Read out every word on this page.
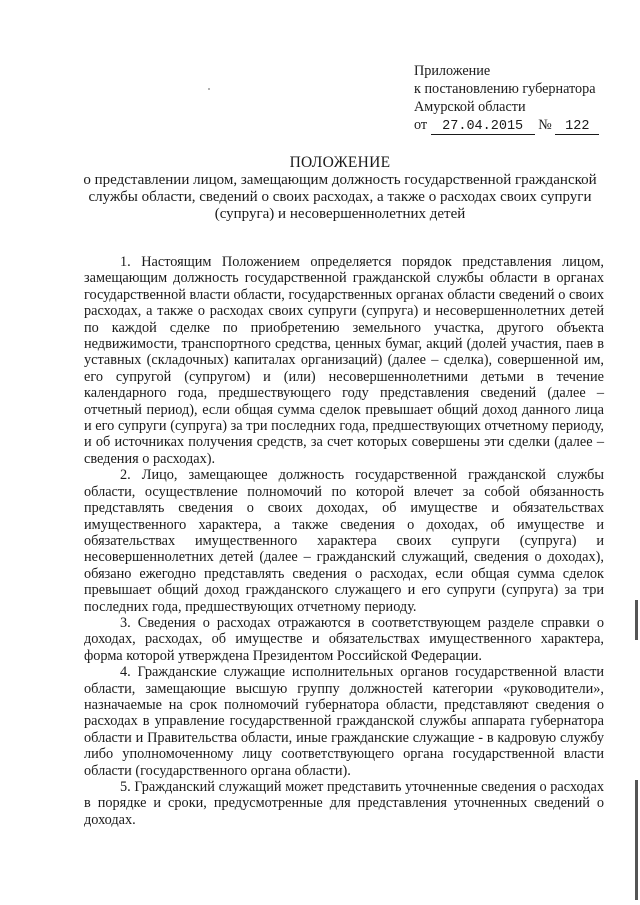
Приложение
к постановлению губернатора
Амурской области
от 27.04.2015 № 122
ПОЛОЖЕНИЕ
о представлении лицом, замещающим должность государственной гражданской службы области, сведений о своих расходах, а также о расходах своих супруги (супруга) и несовершеннолетних детей

1. Настоящим Положением определяется порядок представления лицом, замещающим должность государственной гражданской службы области в органах государственной власти области, государственных органах области сведений о своих расходах, а также о расходах своих супруги (супруга) и несовершеннолетних детей по каждой сделке по приобретению земельного участка, другого объекта недвижимости, транспортного средства, ценных бумаг, акций (долей участия, паев в уставных (складочных) капиталах организаций) (далее – сделка), совершенной им, его супругой (супругом) и (или) несовершеннолетними детьми в течение календарного года, предшествующего году представления сведений (далее – отчетный период), если общая сумма сделок превышает общий доход данного лица и его супруги (супруга) за три последних года, предшествующих отчетному периоду, и об источниках получения средств, за счет которых совершены эти сделки (далее – сведения о расходах).

2. Лицо, замещающее должность государственной гражданской службы области, осуществление полномочий по которой влечет за собой обязанность представлять сведения о своих доходах, об имуществе и обязательствах имущественного характера, а также сведения о доходах, об имуществе и обязательствах имущественного характера своих супруги (супруга) и несовершеннолетних детей (далее – гражданский служащий, сведения о доходах), обязано ежегодно представлять сведения о расходах, если общая сумма сделок превышает общий доход гражданского служащего и его супруги (супруга) за три последних года, предшествующих отчетному периоду.

3. Сведения о расходах отражаются в соответствующем разделе справки о доходах, расходах, об имуществе и обязательствах имущественного характера, форма которой утверждена Президентом Российской Федерации.

4. Гражданские служащие исполнительных органов государственной власти области, замещающие высшую группу должностей категории «руководители», назначаемые на срок полномочий губернатора области, представляют сведения о расходах в управление государственной гражданской службы аппарата губернатора области и Правительства области, иные гражданские служащие - в кадровую службу либо уполномоченному лицу соответствующего органа государственной власти области (государственного органа области).

5. Гражданский служащий может представить уточненные сведения о расходах в порядке и сроки, предусмотренные для представления уточненных сведений о доходах.
